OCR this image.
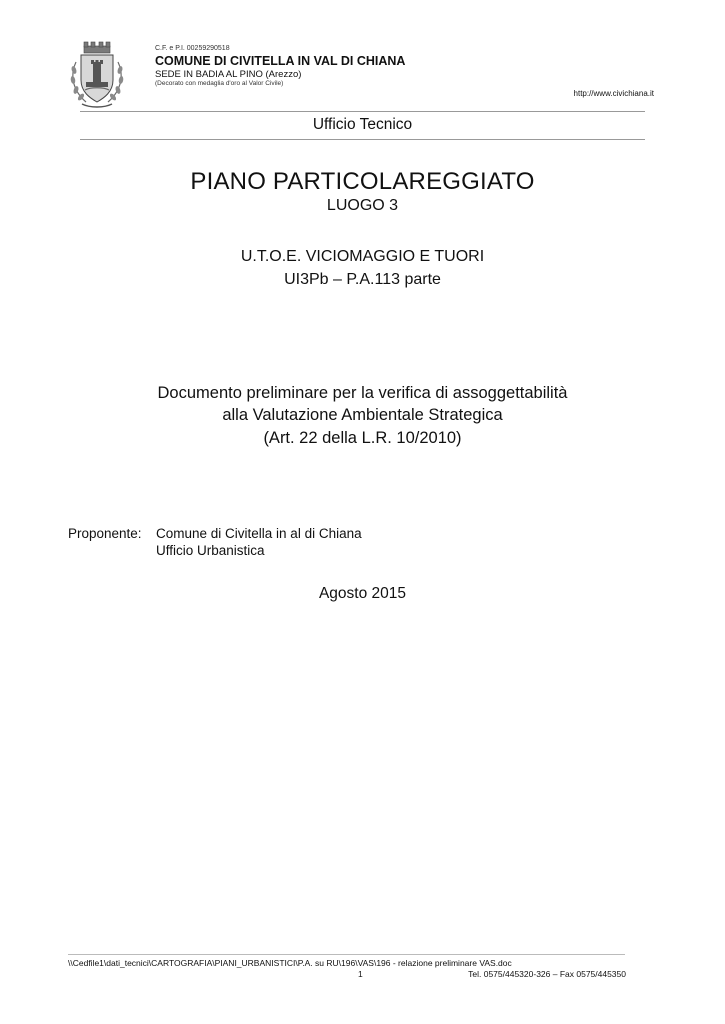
C.F. e P.I. 00259290518
COMUNE DI CIVITELLA IN VAL DI CHIANA
SEDE IN BADIA AL PINO (Arezzo)
(Decorato con medaglia d'oro al Valor Civile)
http://www.civichiana.it
Ufficio Tecnico
PIANO PARTICOLAREGGIATO
LUOGO 3
U.T.O.E. VICIOMAGGIO E TUORI
UI3Pb – P.A.113 parte
Documento preliminare per la verifica di assoggettabilità
alla Valutazione Ambientale Strategica
(Art. 22 della L.R. 10/2010)
Proponente: Comune di Civitella in al di Chiana
Ufficio Urbanistica
Agosto 2015
\\Cedfile1\dati_tecnici\CARTOGRAFIA\PIANI_URBANISTICI\P.A. su RU\196\VAS\196 - relazione preliminare VAS.doc
1	Tel. 0575/445320-326 – Fax 0575/445350
